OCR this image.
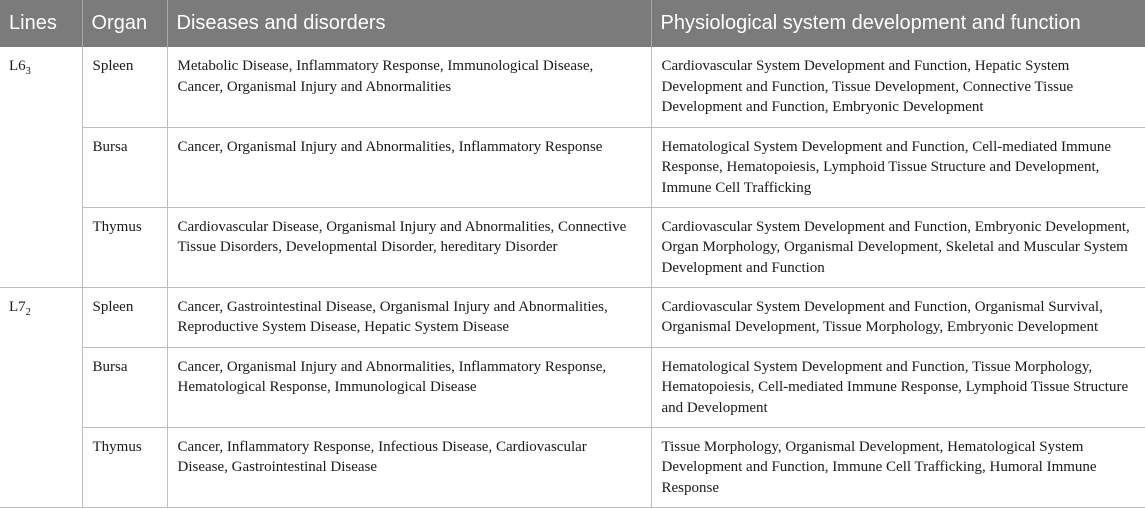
Lines	Organ	Diseases and disorders	Physiological system development and function
$L6_3$	Spleen	Metabolic Disease, Inflammatory Response, Immunological Disease, Cancer, Organismal Injury and Abnormalities	Cardiovascular System Development and Function, Hepatic System Development and Function, Tissue Development, Connective Tissue Development and Function, Embryonic Development
	Bursa	Cancer, Organismal Injury and Abnormalities, Inflammatory Response	Hematological System Development and Function, Cell-mediated Immune Response, Hematopoiesis, Lymphoid Tissue Structure and Development, Immune Cell Trafficking
	Thymus	Cardiovascular Disease, Organismal Injury and Abnormalities, Connective Tissue Disorders, Developmental Disorder, hereditary Disorder	Cardiovascular System Development and Function, Embryonic Development, Organ Morphology, Organismal Development, Skeletal and Muscular System Development and Function
$L7_2$	Spleen	Cancer, Gastrointestinal Disease, Organismal Injury and Abnormalities, Reproductive System Disease, Hepatic System Disease	Cardiovascular System Development and Function, Organismal Survival, Organismal Development, Tissue Morphology, Embryonic Development
	Bursa	Cancer, Organismal Injury and Abnormalities, Inflammatory Response, Hematological Response, Immunological Disease	Hematological System Development and Function, Tissue Morphology, Hematopoiesis, Cell-mediated Immune Response, Lymphoid Tissue Structure and Development
	Thymus	Cancer, Inflammatory Response, Infectious Disease, Cardiovascular Disease, Gastrointestinal Disease	Tissue Morphology, Organismal Development, Hematological System Development and Function, Immune Cell Trafficking, Humoral Immune Response
